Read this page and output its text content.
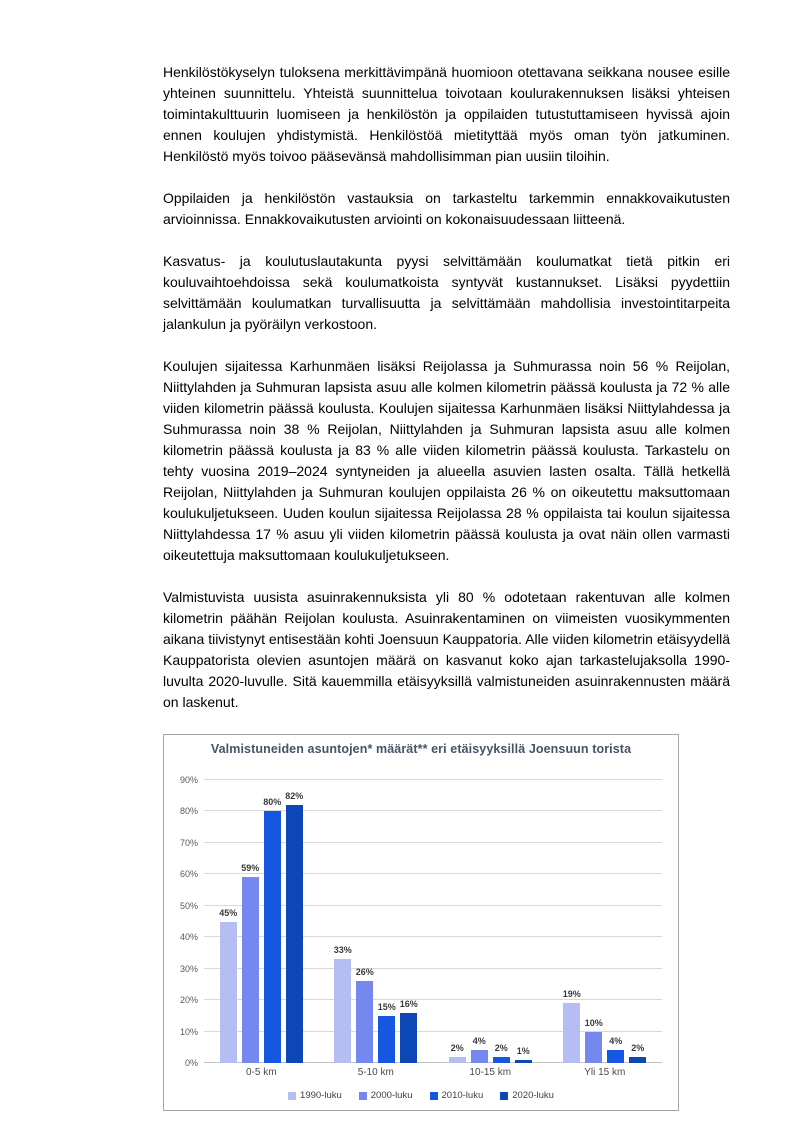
Henkilöstökyselyn tuloksena merkittävimpänä huomioon otettavana seikkana nousee esille yhteinen suunnittelu. Yhteistä suunnittelua toivotaan koulurakennuksen lisäksi yhteisen toimintakulttuurin luomiseen ja henkilöstön ja oppilaiden tutustuttamiseen hyvissä ajoin ennen koulujen yhdistymistä. Henkilöstöä mietityttää myös oman työn jatkuminen. Henkilöstö myös toivoo pääsevänsä mahdollisimman pian uusiin tiloihin.

Oppilaiden ja henkilöstön vastauksia on tarkasteltu tarkemmin ennakkovaikutusten arvioinnissa. Ennakkovaikutusten arviointi on kokonaisuudessaan liitteenä.

Kasvatus- ja koulutuslautakunta pyysi selvittämään koulumatkat tietä pitkin eri kouluvaihtoehdoissa sekä koulumatkoista syntyvät kustannukset. Lisäksi pyydettiin selvittämään koulumatkan turvallisuutta ja selvittämään mahdollisia investointitarpeita jalankulun ja pyöräilyn verkostoon.

Koulujen sijaitessa Karhunmäen lisäksi Reijolassa ja Suhmurassa noin 56 % Reijolan, Niittylahden ja Suhmuran lapsista asuu alle kolmen kilometrin päässä koulusta ja 72 % alle viiden kilometrin päässä koulusta. Koulujen sijaitessa Karhunmäen lisäksi Niittylahdessa ja Suhmurassa noin 38 % Reijolan, Niittylahden ja Suhmuran lapsista asuu alle kolmen kilometrin päässä koulusta ja 83 % alle viiden kilometrin päässä koulusta. Tarkastelu on tehty vuosina 2019–2024 syntyneiden ja alueella asuvien lasten osalta. Tällä hetkellä Reijolan, Niittylahden ja Suhmuran koulujen oppilaista 26 % on oikeutettu maksuttomaan koulukuljetukseen. Uuden koulun sijaitessa Reijolassa 28 % oppilaista tai koulun sijaitessa Niittylahdessa 17 % asuu yli viiden kilometrin päässä koulusta ja ovat näin ollen varmasti oikeutettuja maksuttomaan koulukuljetukseen.

Valmistuvista uusista asuinrakennuksista yli 80 % odotetaan rakentuvan alle kolmen kilometrin päähän Reijolan koulusta. Asuinrakentaminen on viimeisten vuosikymmenten aikana tiivistynyt entisestään kohti Joensuun Kauppatoria. Alle viiden kilometrin etäisyydellä Kauppatorista olevien asuntojen määrä on kasvanut koko ajan tarkastelujaksolla 1990-luvulta 2020-luvulle. Sitä kauemmilla etäisyyksillä valmistuneiden asuinrakennusten määrä on laskenut.

Valmistuneiden asuntojen* määrät** eri etäisyyksillä Joensuun torista
0%
10%
20%
30%
40%
50%
60%
70%
80%
90%
45%
59%
80%
82%
33%
26%
15% 16%
2%
4%
2% 1%
19%
10%
4%
2%
0-5 km	5-10 km	10-15 km	Yli 15 km
1990-luku	2000-luku	2010-luku	2020-luku
